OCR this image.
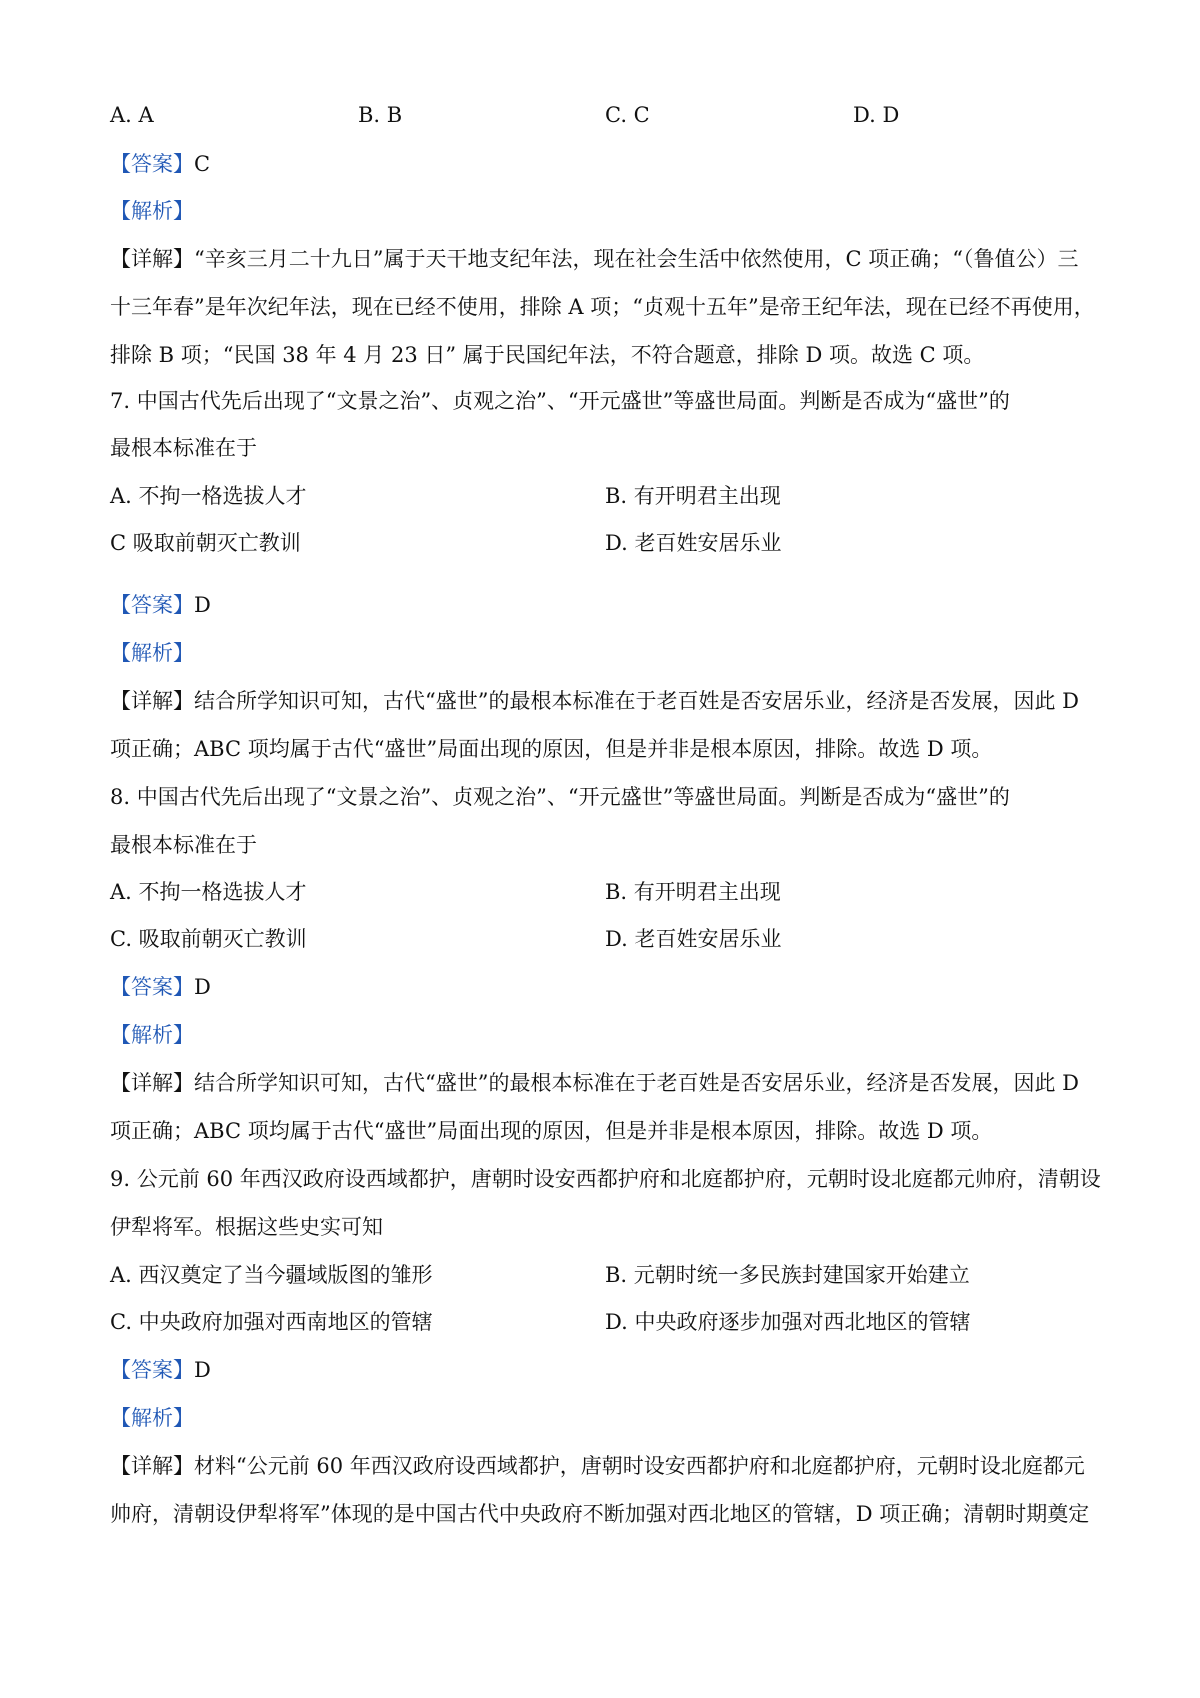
A. A	B. B	C. C	D. D
【答案】C
【解析】
【详解】“辛亥三月二十九日”属于天干地支纪年法，现在社会生活中依然使用，C 项正确；“（鲁值公）三
十三年春”是年次纪年法，现在已经不使用，排除 A 项；“贞观十五年”是帝王纪年法，现在已经不再使用，
排除 B 项；“民国 38 年 4 月 23 日” 属于民国纪年法，不符合题意，排除 D 项。故选 C 项。
7. 中国古代先后出现了“文景之治”、贞观之治”、“开元盛世”等盛世局面。判断是否成为“盛世”的
最根本标准在于
A. 不拘一格选拔人才	B. 有开明君主出现
C 吸取前朝灭亡教训	D. 老百姓安居乐业
【答案】D
【解析】
【详解】结合所学知识可知，古代“盛世”的最根本标准在于老百姓是否安居乐业，经济是否发展，因此 D
项正确；ABC 项均属于古代“盛世”局面出现的原因，但是并非是根本原因，排除。故选 D 项。
8. 中国古代先后出现了“文景之治”、贞观之治”、“开元盛世”等盛世局面。判断是否成为“盛世”的
最根本标准在于
A. 不拘一格选拔人才	B. 有开明君主出现
C. 吸取前朝灭亡教训	D. 老百姓安居乐业
【答案】D
【解析】
【详解】结合所学知识可知，古代“盛世”的最根本标准在于老百姓是否安居乐业，经济是否发展，因此 D
项正确；ABC 项均属于古代“盛世”局面出现的原因，但是并非是根本原因，排除。故选 D 项。
9. 公元前 60 年西汉政府设西域都护，唐朝时设安西都护府和北庭都护府，元朝时设北庭都元帅府，清朝设
伊犁将军。根据这些史实可知
A. 西汉奠定了当今疆域版图的雏形	B. 元朝时统一多民族封建国家开始建立
C. 中央政府加强对西南地区的管辖	D. 中央政府逐步加强对西北地区的管辖
【答案】D
【解析】
【详解】材料“公元前 60 年西汉政府设西域都护，唐朝时设安西都护府和北庭都护府，元朝时设北庭都元
帅府，清朝设伊犁将军”体现的是中国古代中央政府不断加强对西北地区的管辖，D 项正确；清朝时期奠定
